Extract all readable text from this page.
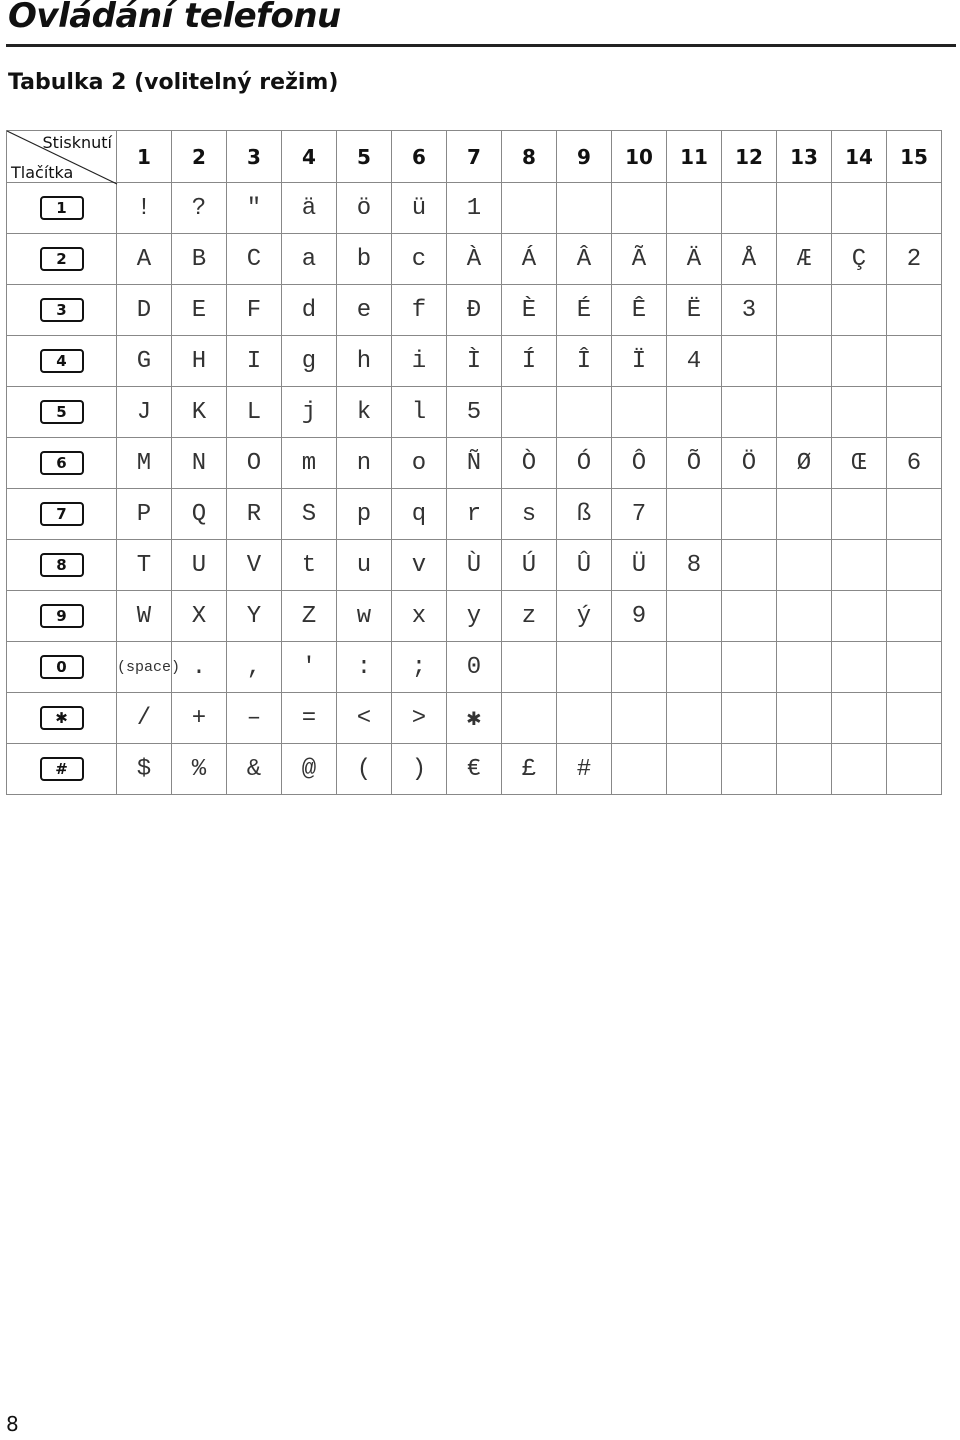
Ovládání telefonu
Tabulka 2 (volitelný režim)
Stisknutí
Tlačítka	1	2	3	4	5	6	7	8	9	10	11	12	13	14	15
1	!	?	"	ä	ö	ü	1								
2	A	B	C	a	b	c	À	Á	Â	Ã	Ä	Å	Æ	Ç	2
3	D	E	F	d	e	f	Đ	È	É	Ê	Ë	3			
4	G	H	I	g	h	i	Ì	Í	Î	Ï	4				
5	J	K	L	j	k	l	5								
6	M	N	O	m	n	o	Ñ	Ò	Ó	Ô	Õ	Ö	Ø	Œ	6
7	P	Q	R	S	p	q	r	s	ß	7					
8	T	U	V	t	u	v	Ù	Ú	Û	Ü	8				
9	W	X	Y	Z	w	x	y	z	ý	9					
0	(space)	.	,	'	:	;	0								
✱	/	+	–	=	<	>	✱								
#	$	%	&	@	(	)	€	£	#						
8
